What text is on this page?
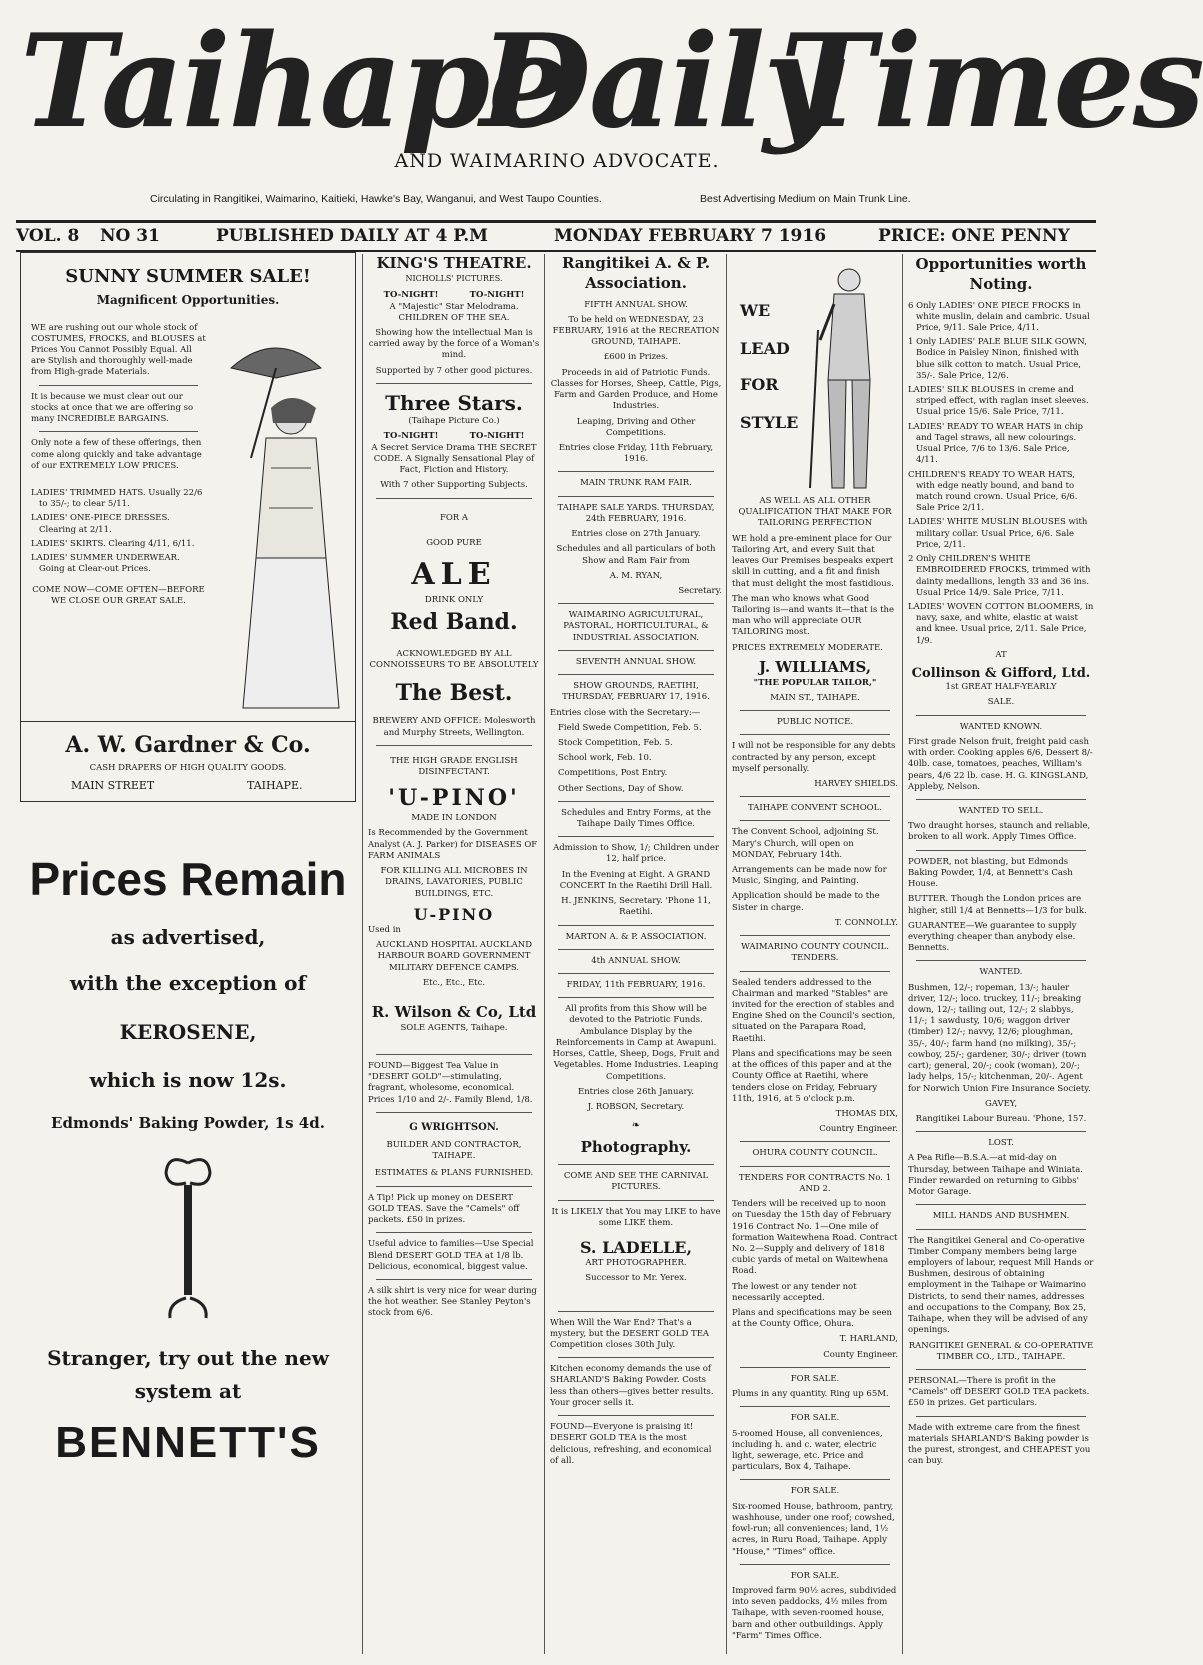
Taihape
Daily
Times
AND WAIMARINO ADVOCATE.
Circulating in Rangitikei, Waimarino, Kaitieki, Hawke's Bay, Wanganui, and West Taupo Counties.	Best Advertising Medium on Main Trunk Line.
VOL. 8 NO 31	PUBLISHED DAILY AT 4 P.M	MONDAY FEBRUARY 7 1916	PRICE: ONE PENNY
SUNNY SUMMER SALE!
Magnificent Opportunities.

WE are rushing out our whole stock of COSTUMES, FROCKS, and BLOUSES at Prices You Cannot Possibly Equal. All are Stylish and thoroughly well-made from High-grade Materials.

It is because we must clear out our stocks at once that we are offering so many INCREDIBLE BARGAINS.

Only note a few of these offerings, then come along quickly and take advantage of our EXTREMELY LOW PRICES.

LADIES' TRIMMED HATS. Usually 22/6 to 35/-; to clear 5/11.

LADIES' ONE-PIECE DRESSES. Clearing at 2/11.

LADIES' SKIRTS. Clearing 4/11, 6/11.

LADIES' SUMMER UNDERWEAR. Going at Clear-out Prices.

COME NOW—COME OFTEN—BEFORE WE CLOSE OUR GREAT SALE.

A. W. Gardner & Co.
CASH DRAPERS OF HIGH QUALITY GOODS.
MAIN STREET	TAIHAPE.
Prices Remain
as advertised,
with the exception of
KEROSENE,
which is now 12s.
Edmonds' Baking Powder, 1s 4d.
Stranger, try out the new
system at
BENNETT'S
KING'S THEATRE.
NICHOLLS' PICTURES.
TO-NIGHT!	TO-NIGHT!

A "Majestic" Star Melodrama. CHILDREN OF THE SEA.

Showing how the intellectual Man is carried away by the force of a Woman's mind.

Supported by 7 other good pictures.

Three Stars.

(Taihape Picture Co.)

TO-NIGHT!	TO-NIGHT!

A Secret Service Drama THE SECRET CODE. A Signally Sensational Play of Fact, Fiction and History.

With 7 other Supporting Subjects.

FOR A
GOOD PURE
ALE
DRINK ONLY
Red Band.

ACKNOWLEDGED BY ALL CONNOISSEURS TO BE ABSOLUTELY

The Best.

BREWERY AND OFFICE: Molesworth and Murphy Streets, Wellington.

THE HIGH GRADE ENGLISH DISINFECTANT.

'U-PINO'

MADE IN LONDON

Is Recommended by the Government Analyst (A. J. Parker) for DISEASES OF FARM ANIMALS

FOR KILLING ALL MICROBES IN DRAINS, LAVATORIES, PUBLIC BUILDINGS, ETC.

U-PINO

Used in

AUCKLAND HOSPITAL AUCKLAND HARBOUR BOARD GOVERNMENT MILITARY DEFENCE CAMPS.

Etc., Etc., Etc.

R. Wilson & Co, Ltd

SOLE AGENTS, Taihape.

FOUND—Biggest Tea Value in "DESERT GOLD"—stimulating, fragrant, wholesome, economical. Prices 1/10 and 2/-. Family Blend, 1/8.

G WRIGHTSON.

BUILDER AND CONTRACTOR, TAIHAPE.

ESTIMATES & PLANS FURNISHED.

A Tip! Pick up money on DESERT GOLD TEAS. Save the "Camels" off packets. £50 in prizes.

Useful advice to families—Use Special Blend DESERT GOLD TEA at 1/8 lb. Delicious, economical, biggest value.

A silk shirt is very nice for wear during the hot weather. See Stanley Peyton's stock from 6/6.

Rangitikei A. & P. Association.

FIFTH ANNUAL SHOW.

To be held on WEDNESDAY, 23 FEBRUARY, 1916 at the RECREATION GROUND, TAIHAPE.

£600 in Prizes.

Proceeds in aid of Patriotic Funds. Classes for Horses, Sheep, Cattle, Pigs, Farm and Garden Produce, and Home Industries.

Leaping, Driving and Other Competitions.

Entries close Friday, 11th February, 1916.

MAIN TRUNK RAM FAIR.

TAIHAPE SALE YARDS. THURSDAY, 24th FEBRUARY, 1916.

Entries close on 27th January.

Schedules and all particulars of both Show and Ram Fair from

A. M. RYAN,

Secretary.

WAIMARINO AGRICULTURAL, PASTORAL, HORTICULTURAL, & INDUSTRIAL ASSOCIATION.

SEVENTH ANNUAL SHOW.

SHOW GROUNDS, RAETIHI, THURSDAY, FEBRUARY 17, 1916.

Entries close with the Secretary:—

Field Swede Competition, Feb. 5.

Stock Competition, Feb. 5.

School work, Feb. 10.

Competitions, Post Entry.

Other Sections, Day of Show.

Schedules and Entry Forms, at the Taihape Daily Times Office.

Admission to Show, 1/; Children under 12, half price.

In the Evening at Eight. A GRAND CONCERT In the Raetihi Drill Hall.

H. JENKINS, Secretary. 'Phone 11, Raetihi.

MARTON A. & P. ASSOCIATION.

4th ANNUAL SHOW.

FRIDAY, 11th FEBRUARY, 1916.

All profits from this Show will be devoted to the Patriotic Funds. Ambulance Display by the Reinforcements in Camp at Awapuni. Horses, Cattle, Sheep, Dogs, Fruit and Vegetables. Home Industries. Leaping Competitions.

Entries close 26th January.

J. ROBSON, Secretary.

❧
Photography.

COME AND SEE THE CARNIVAL PICTURES.

It is LIKELY that You may LIKE to have some LIKE them.

S. LADELLE,

ART PHOTOGRAPHER.

Successor to Mr. Yerex.

When Will the War End? That's a mystery, but the DESERT GOLD TEA Competition closes 30th July.

Kitchen economy demands the use of SHARLAND'S Baking Powder. Costs less than others—gives better results. Your grocer sells it.

FOUND—Everyone is praising it! DESERT GOLD TEA is the most delicious, refreshing, and economical of all.

WE
LEAD
FOR
STYLE

AS WELL AS ALL OTHER QUALIFICATION THAT MAKE FOR TAILORING PERFECTION

WE hold a pre-eminent place for Our Tailoring Art, and every Suit that leaves Our Premises bespeaks expert skill in cutting, and a fit and finish that must delight the most fastidious.

The man who knows what Good Tailoring is—and wants it—that is the man who will appreciate OUR TAILORING most.

PRICES EXTREMELY MODERATE.

J. WILLIAMS,

"THE POPULAR TAILOR,"

MAIN ST., TAIHAPE.

PUBLIC NOTICE.

I will not be responsible for any debts contracted by any person, except myself personally.

HARVEY SHIELDS.

TAIHAPE CONVENT SCHOOL.

The Convent School, adjoining St. Mary's Church, will open on MONDAY, February 14th.

Arrangements can be made now for Music, Singing, and Painting.

Application should be made to the Sister in charge.

T. CONNOLLY.

WAIMARINO COUNTY COUNCIL. TENDERS.

Sealed tenders addressed to the Chairman and marked "Stables" are invited for the erection of stables and Engine Shed on the Council's section, situated on the Parapara Road, Raetihi.

Plans and specifications may be seen at the offices of this paper and at the County Office at Raetihi, where tenders close on Friday, February 11th, 1916, at 5 o'clock p.m.

THOMAS DIX,

Country Engineer.

OHURA COUNTY COUNCIL.

TENDERS FOR CONTRACTS No. 1 AND 2.

Tenders will be received up to noon on Tuesday the 15th day of February 1916 Contract No. 1—One mile of formation Waitewhena Road. Contract No. 2—Supply and delivery of 1818 cubic yards of metal on Waitewhena Road.

The lowest or any tender not necessarily accepted.

Plans and specifications may be seen at the County Office, Ohura.

T. HARLAND,

County Engineer.

FOR SALE.

Plums in any quantity. Ring up 65M.

FOR SALE.

5-roomed House, all conveniences, including h. and c. water, electric light, sewerage, etc. Price and particulars, Box 4, Taihape.

FOR SALE.

Six-roomed House, bathroom, pantry, washhouse, under one roof; cowshed, fowl-run; all conveniences; land, 1½ acres, in Ruru Road, Taihape. Apply "House," "Times" office.

FOR SALE.

Improved farm 90½ acres, subdivided into seven paddocks, 4½ miles from Taihape, with seven-roomed house, barn and other outbuildings. Apply "Farm" Times Office.

Opportunities worth Noting.

6 Only LADIES' ONE PIECE FROCKS in white muslin, delain and cambric. Usual Price, 9/11. Sale Price, 4/11.

1 Only LADIES' PALE BLUE SILK GOWN, Bodice in Paisley Ninon, finished with blue silk cotton to match. Usual Price, 35/-. Sale Price, 12/6.

LADIES' SILK BLOUSES in creme and striped effect, with raglan inset sleeves. Usual price 15/6. Sale Price, 7/11.

LADIES' READY TO WEAR HATS in chip and Tagel straws, all new colourings. Usual Price, 7/6 to 13/6. Sale Price, 4/11.

CHILDREN'S READY TO WEAR HATS, with edge neatly bound, and band to match round crown. Usual Price, 6/6. Sale Price 2/11.

LADIES' WHITE MUSLIN BLOUSES with military collar. Usual Price, 6/6. Sale Price, 2/11.

2 Only CHILDREN'S WHITE EMBROIDERED FROCKS, trimmed with dainty medallions, length 33 and 36 ins. Usual Price 14/9. Sale Price, 7/11.

LADIES' WOVEN COTTON BLOOMERS, in navy, saxe, and white, elastic at waist and knee. Usual price, 2/11. Sale Price, 1/9.

AT

Collinson & Gifford, Ltd.

1st GREAT HALF-YEARLY

SALE.

WANTED KNOWN.

First grade Nelson fruit, freight paid cash with order. Cooking apples 6/6, Dessert 8/- 40lb. case, tomatoes, peaches, William's pears, 4/6 22 lb. case. H. G. KINGSLAND, Appleby, Nelson.

WANTED TO SELL.

Two draught horses, staunch and reliable, broken to all work. Apply Times Office.

POWDER, not blasting, but Edmonds Baking Powder, 1/4, at Bennett's Cash House.

BUTTER. Though the London prices are higher, still 1/4 at Bennetts—1/3 for bulk.

GUARANTEE—We guarantee to supply everything cheaper than anybody else. Bennetts.

WANTED.

Bushmen, 12/-; ropeman, 13/-; hauler driver, 12/-; loco. truckey, 11/-; breaking down, 12/-; tailing out, 12/-; 2 slabbys, 11/-; 1 sawdusty, 10/6; waggon driver (timber) 12/-; navvy, 12/6; ploughman, 35/-, 40/-; farm hand (no milking), 35/-; cowboy, 25/-; gardener, 30/-; driver (town cart); general, 20/-; cook (woman), 20/-; lady helps, 15/-; kitchenman, 20/-. Agent for Norwich Union Fire Insurance Society.

GAVEY,

Rangitikei Labour Bureau. 'Phone, 157.

LOST.

A Pea Rifle—B.S.A.—at mid-day on Thursday, between Taihape and Winiata. Finder rewarded on returning to Gibbs' Motor Garage.

MILL HANDS AND BUSHMEN.

The Rangitikei General and Co-operative Timber Company members being large employers of labour, request Mill Hands or Bushmen, desirous of obtaining employment in the Taihape or Waimarino Districts, to send their names, addresses and occupations to the Company, Box 25, Taihape, when they will be advised of any openings.

RANGITIKEI GENERAL & CO-OPERATIVE TIMBER CO., LTD., TAIHAPE.

PERSONAL—There is profit in the "Camels" off DESERT GOLD TEA packets. £50 in prizes. Get particulars.

Made with extreme care from the finest materials SHARLAND'S Baking powder is the purest, strongest, and CHEAPEST you can buy.
